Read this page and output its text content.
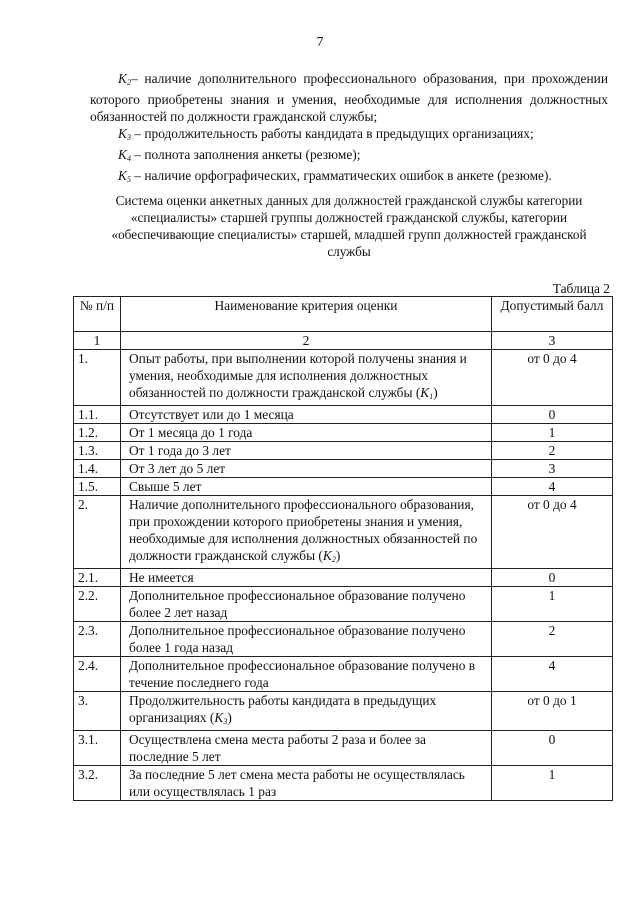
7

$K_2-$ наличие дополнительного профессионального образования, при прохождении которого приобретены знания и умения, необходимые для исполнения должностных обязанностей по должности гражданской службы;

$K_3$ – продолжительность работы кандидата в предыдущих организациях;

$K_4$ – полнота заполнения анкеты (резюме);

$K_5$ – наличие орфографических, грамматических ошибок в анкете (резюме).

Система оценки анкетных данных для должностей гражданской службы категории «специалисты» старшей группы должностей гражданской службы, категории «обеспечивающие специалисты» старшей, младшей групп должностей гражданской службы
Таблица 2
№ п/п	Наименование критерия оценки	Допустимый балл
1	2	3
1.	Опыт работы, при выполнении которой получены знания и умения, необходимые для исполнения должностных обязанностей по должности гражданской службы $(K_1)$	от 0 до 4
1.1.	Отсутствует или до 1 месяца	0
1.2.	От 1 месяца до 1 года	1
1.3.	От 1 года до 3 лет	2
1.4.	От 3 лет до 5 лет	3
1.5.	Свыше 5 лет	4
2.	Наличие дополнительного профессионального образования, при прохождении которого приобретены знания и умения, необходимые для исполнения должностных обязанностей по должности гражданской службы $(K_2)$	от 0 до 4
2.1.	Не имеется	0
2.2.	Дополнительное профессиональное образование получено более 2 лет назад	1
2.3.	Дополнительное профессиональное образование получено более 1 года назад	2
2.4.	Дополнительное профессиональное образование получено в течение последнего года	4
3.	Продолжительность работы кандидата в предыдущих организациях $(K_3)$	от 0 до 1
3.1.	Осуществлена смена места работы 2 раза и более за последние 5 лет	0
3.2.	За последние 5 лет смена места работы не осуществлялась или осуществлялась 1 раз	1
